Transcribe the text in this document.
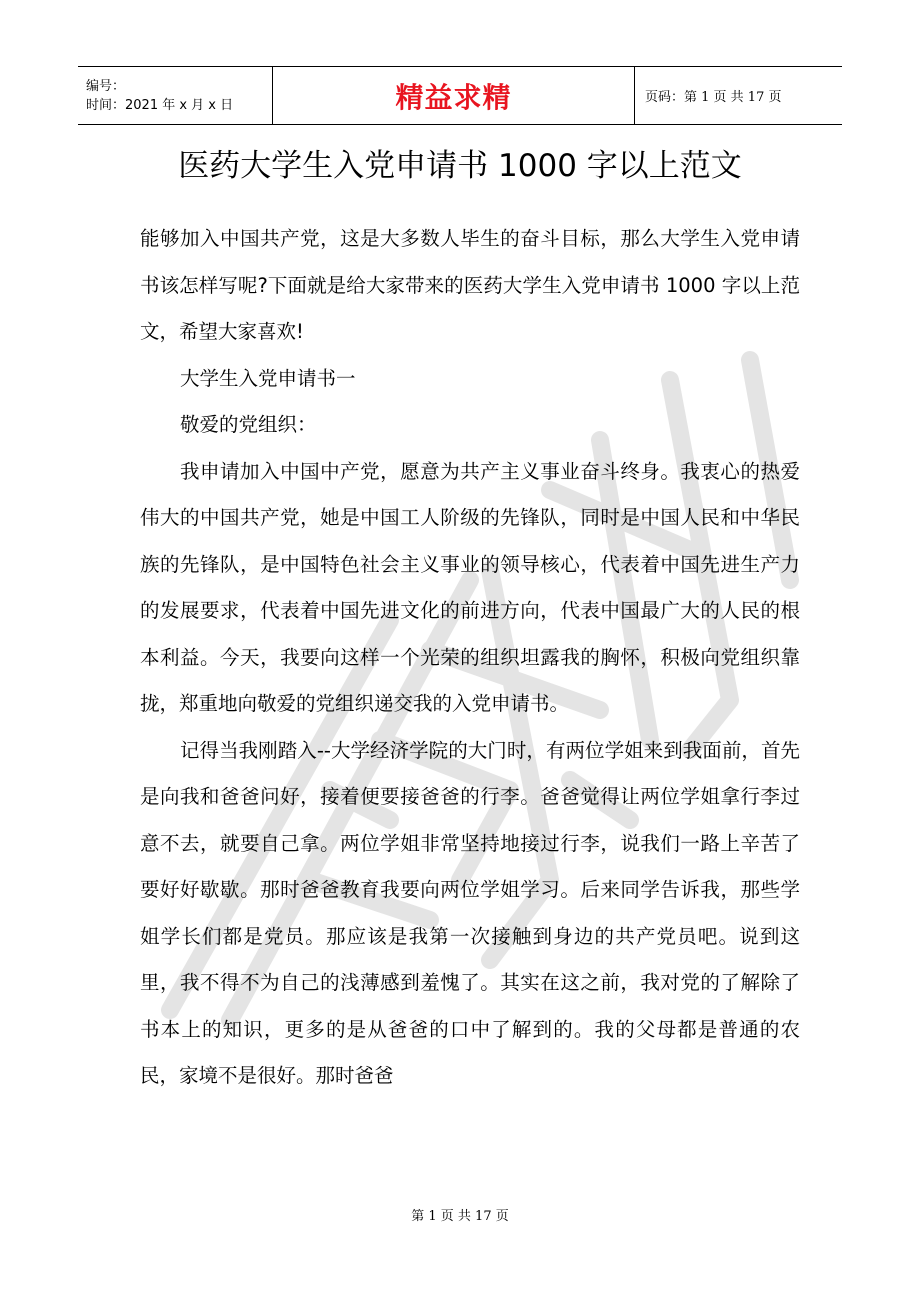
编号：
时间：2021 年 x 月 x 日	精益求精	页码：第 1 页 共 17 页
医药大学生入党申请书 1000 字以上范文

能够加入中国共产党，这是大多数人毕生的奋斗目标，那么大学生入党申请书该怎样写呢?下面就是给大家带来的医药大学生入党申请书 1000 字以上范文，希望大家喜欢!

大学生入党申请书一

敬爱的党组织：

我申请加入中国中产党，愿意为共产主义事业奋斗终身。我衷心的热爱伟大的中国共产党，她是中国工人阶级的先锋队，同时是中国人民和中华民族的先锋队，是中国特色社会主义事业的领导核心，代表着中国先进生产力的发展要求，代表着中国先进文化的前进方向，代表中国最广大的人民的根本利益。今天，我要向这样一个光荣的组织坦露我的胸怀，积极向党组织靠拢，郑重地向敬爱的党组织递交我的入党申请书。

记得当我刚踏入--大学经济学院的大门时，有两位学姐来到我面前，首先是向我和爸爸问好，接着便要接爸爸的行李。爸爸觉得让两位学姐拿行李过意不去，就要自己拿。两位学姐非常坚持地接过行李，说我们一路上辛苦了要好好歇歇。那时爸爸教育我要向两位学姐学习。后来同学告诉我，那些学姐学长们都是党员。那应该是我第一次接触到身边的共产党员吧。说到这里，我不得不为自己的浅薄感到羞愧了。其实在这之前，我对党的了解除了书本上的知识，更多的是从爸爸的口中了解到的。我的父母都是普通的农民，家境不是很好。那时爸爸

第 1 页 共 17 页
